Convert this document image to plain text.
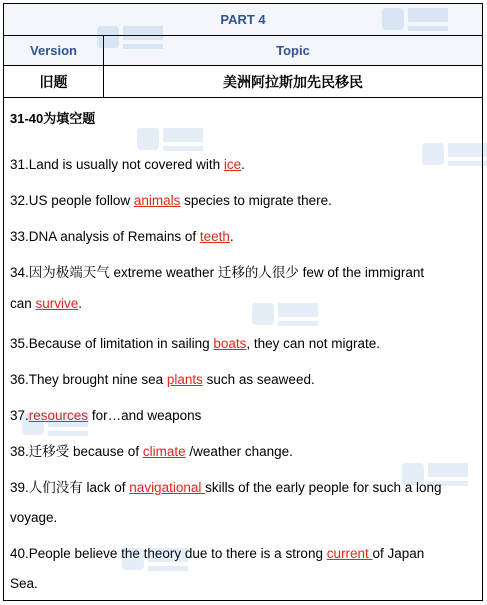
PART 4
Version	Topic
旧题	美洲阿拉斯加先民移民
31-40为填空题
31.Land is usually not covered with ice.
32.US people follow animals species to migrate there.
33.DNA analysis of Remains of teeth.
34.因为极端天气 extreme weather 迁移的人很少 few of the immigrant
can survive.
35.Because of limitation in sailing boats, they can not migrate.
36.They brought nine sea plants such as seaweed.
37.resources for…and weapons
38.迁移受 because of climate /weather change.
39.人们没有 lack of navigational skills of the early people for such a long
voyage.
40.People believe the theory due to there is a strong current of Japan
Sea.
